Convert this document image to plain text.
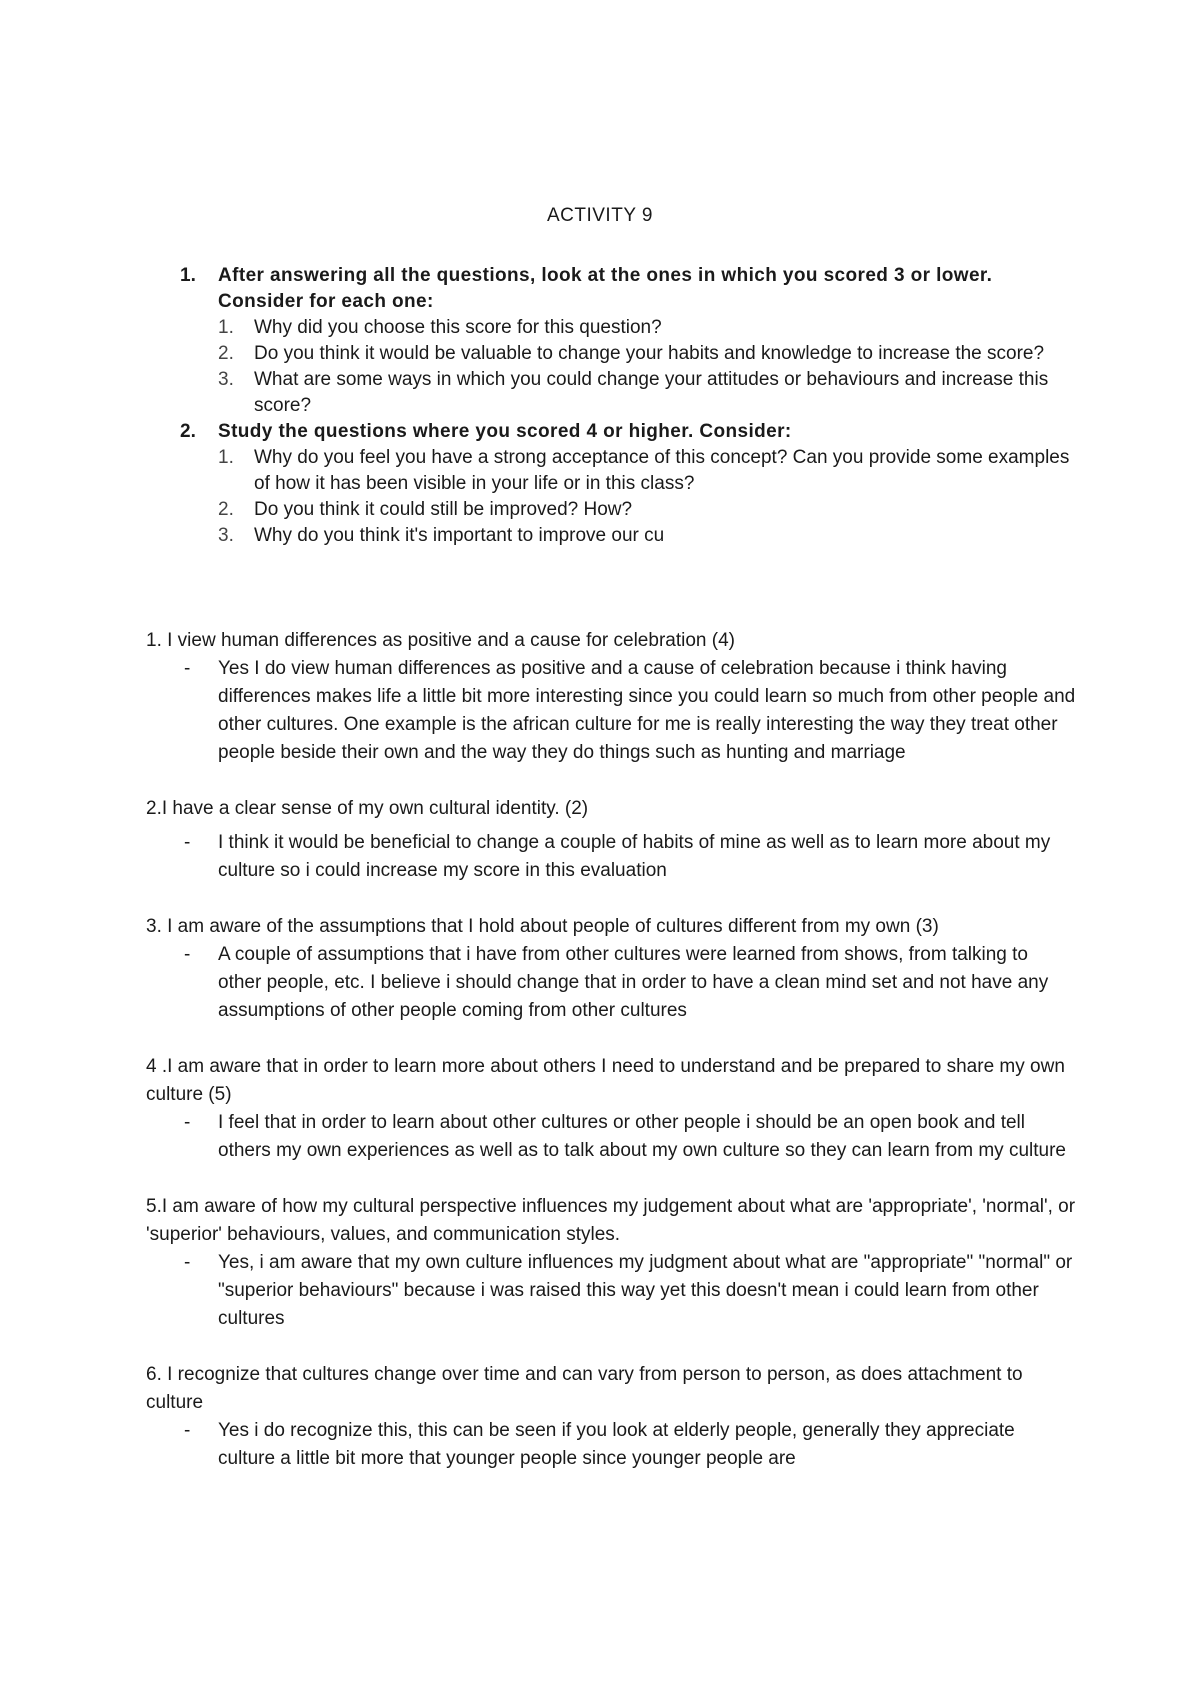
ACTIVITY 9
1. After answering all the questions, look at the ones in which you scored 3 or lower. Consider for each one:
1. Why did you choose this score for this question?
2. Do you think it would be valuable to change your habits and knowledge to increase the score?
3. What are some ways in which you could change your attitudes or behaviours and increase this score?
2. Study the questions where you scored 4 or higher. Consider:
1. Why do you feel you have a strong acceptance of this concept? Can you provide some examples of how it has been visible in your life or in this class?
2. Do you think it could still be improved? How?
3. Why do you think it's important to improve our cu

1. I view human differences as positive and a cause for celebration (4)

- Yes I do view human differences as positive and a cause of celebration because i think having differences makes life a little bit more interesting since you could learn so much from other people and other cultures. One example is the african culture for me is really interesting the way they treat other people beside their own and the way they do things such as hunting and marriage

2.I have a clear sense of my own cultural identity. (2)

- I think it would be beneficial to change a couple of habits of mine as well as to learn more about my culture so i could increase my score in this evaluation

3. I am aware of the assumptions that I hold about people of cultures different from my own (3)

- A couple of assumptions that i have from other cultures were learned from shows, from talking to other people, etc. I believe i should change that in order to have a clean mind set and not have any assumptions of other people coming from other cultures

4 .I am aware that in order to learn more about others I need to understand and be prepared to share my own culture (5)

- I feel that in order to learn about other cultures or other people i should be an open book and tell others my own experiences as well as to talk about my own culture so they can learn from my culture

5.I am aware of how my cultural perspective influences my judgement about what are 'appropriate', 'normal', or 'superior' behaviours, values, and communication styles.

- Yes, i am aware that my own culture influences my judgment about what are "appropriate" "normal" or "superior behaviours" because i was raised this way yet this doesn't mean i could learn from other cultures

6. I recognize that cultures change over time and can vary from person to person, as does attachment to culture

- Yes i do recognize this, this can be seen if you look at elderly people, generally they appreciate culture a little bit more that younger people since younger people are
